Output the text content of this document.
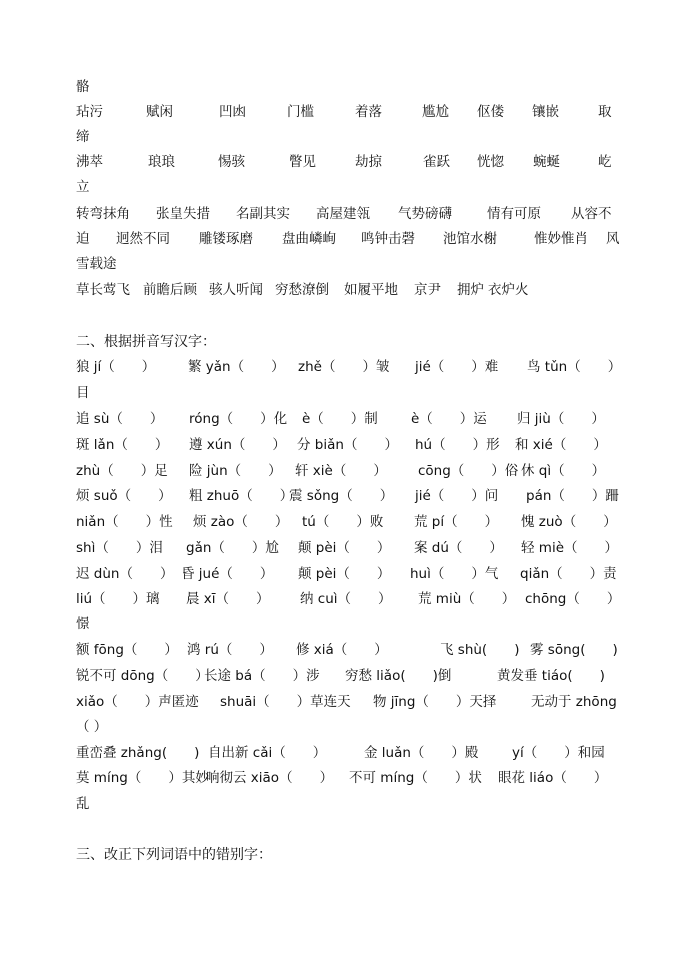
骼
玷污	赋闲	凹凼	门槛	着落	尴尬 伛偻 镶嵌	取
缔
沸萃	琅琅	惕骇	瞥见	劫掠	雀跃 恍惚 蜿蜒	屹
立
转弯抹角 张皇失措 名副其实 高屋建瓴 气势磅礴	情有可原 从容不
迫 迥然不同 雕镂琢磨 盘曲嶙峋 鸣钟击磬 池馆水榭	惟妙惟肖 风
雪载途
草长莺飞 前瞻后顾 骇人听闻 穷愁潦倒 如履平地 京尹 拥炉 衣炉火
二、根据拼音写汉字：
狼 jí（　　） 繁 yǎn（　　） zhě（　　）皱 jié（　　）难 鸟 tǔn（　　）
目
追 sù（　　） róng（　　）化 è（　　）制 è（　　）运 归 jiù（　　）
斑 lǎn（　　） 遵 xún（　　） 分 biǎn（　　） hú（　　）形 和 xié（　　）
zhù（　　）足 险 jùn（　　） 轩 xiè（　　） cōng（　　）俗 休 qì（　　）
烦 suǒ（　　） 粗 zhuō（　　）
震 sǒng（　　） jié（　　）问 pán（　　）跚
niǎn（　　）性 烦 zào（　　） tú（　　）败 荒 pí（　　） 愧 zuò（　　）
shì（　　）泪 gǎn（　　）尬 颠 pèi（　　） 案 dú（　　） 轻 miè（　　）
迟 dùn（　　） 昏 jué（　　） 颠 pèi（　　） huì（　　）气 qiǎn（　　）责
liú（　　）璃 晨 xī（　　） 纳 cuì（　　） 荒 miù（　　） chōng（　　）
憬
额 fōng（　　） 鸿 rú（　　） 修 xiá（　　）	飞 shù(　　) 雾 sōng(　　)
锐不可 dōng（　　）
长途 bá（　　）涉 穷愁 liǎo(　　)倒	黄发垂 tiáo(　　)
xiǎo（　　）声匿迹 shuāi（　　）草连天 物 jīng（　　）天择	无动于 zhōng
（ ）
重峦叠 zhǎng(　　) 自出新 cǎi（　　）	金 luǎn（　　）殿 yí（　　）和园
莫 míng（　　）其妙
响彻云 xiāo（　　） 不可 míng（　　）状 眼花 liáo（　　）
乱
三、改正下列词语中的错别字：
